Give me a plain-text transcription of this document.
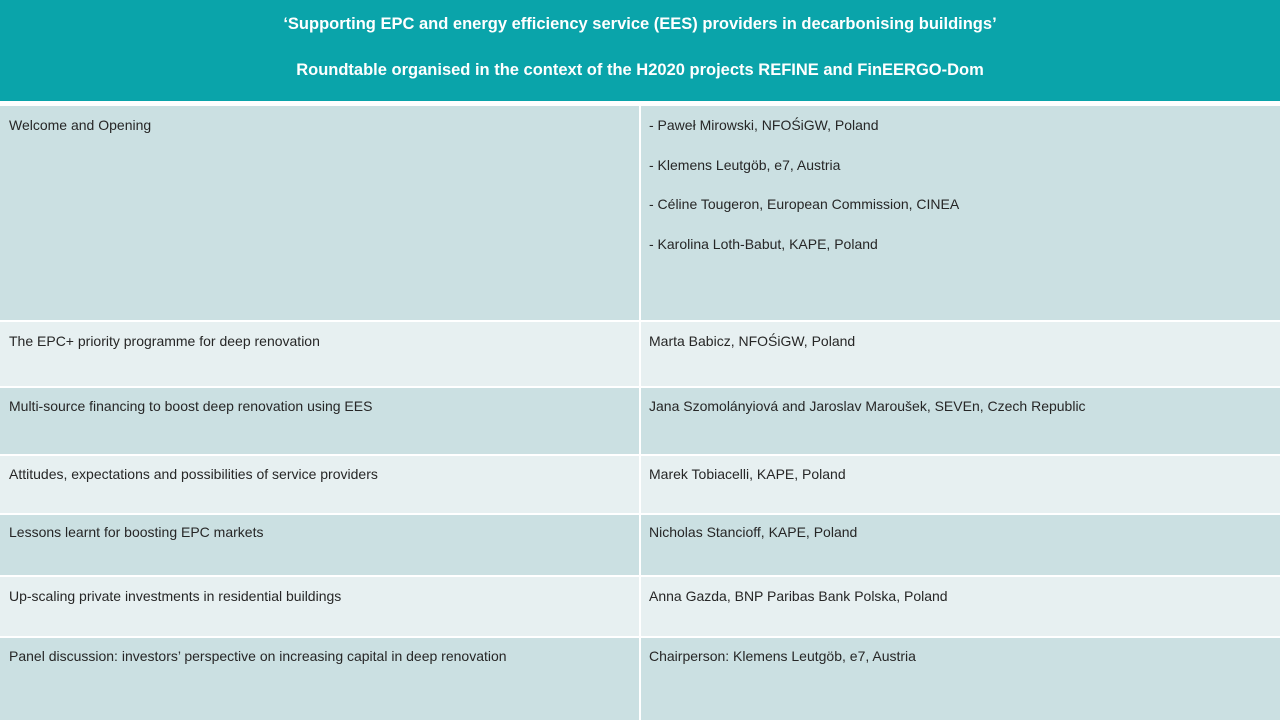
‘Supporting EPC and energy efficiency service (EES) providers in decarbonising buildings’
Roundtable organised in the context of the H2020 projects REFINE and FinEERGO-Dom
Welcome and Opening	- Paweł Mirowski, NFOŚiGW, Poland
- Klemens Leutgöb, e7, Austria
- Céline Tougeron, European Commission, CINEA
- Karolina Loth-Babut, KAPE, Poland
The EPC+ priority programme for deep renovation	Marta Babicz, NFOŚiGW, Poland
Multi-source financing to boost deep renovation using EES	Jana Szomolányiová and Jaroslav Maroušek, SEVEn, Czech Republic
Attitudes, expectations and possibilities of service providers	Marek Tobiacelli, KAPE, Poland
Lessons learnt for boosting EPC markets	Nicholas Stancioff, KAPE, Poland
Up-scaling private investments in residential buildings	Anna Gazda, BNP Paribas Bank Polska, Poland
Panel discussion: investors’ perspective on increasing capital in deep renovation	Chairperson: Klemens Leutgöb, e7, Austria
